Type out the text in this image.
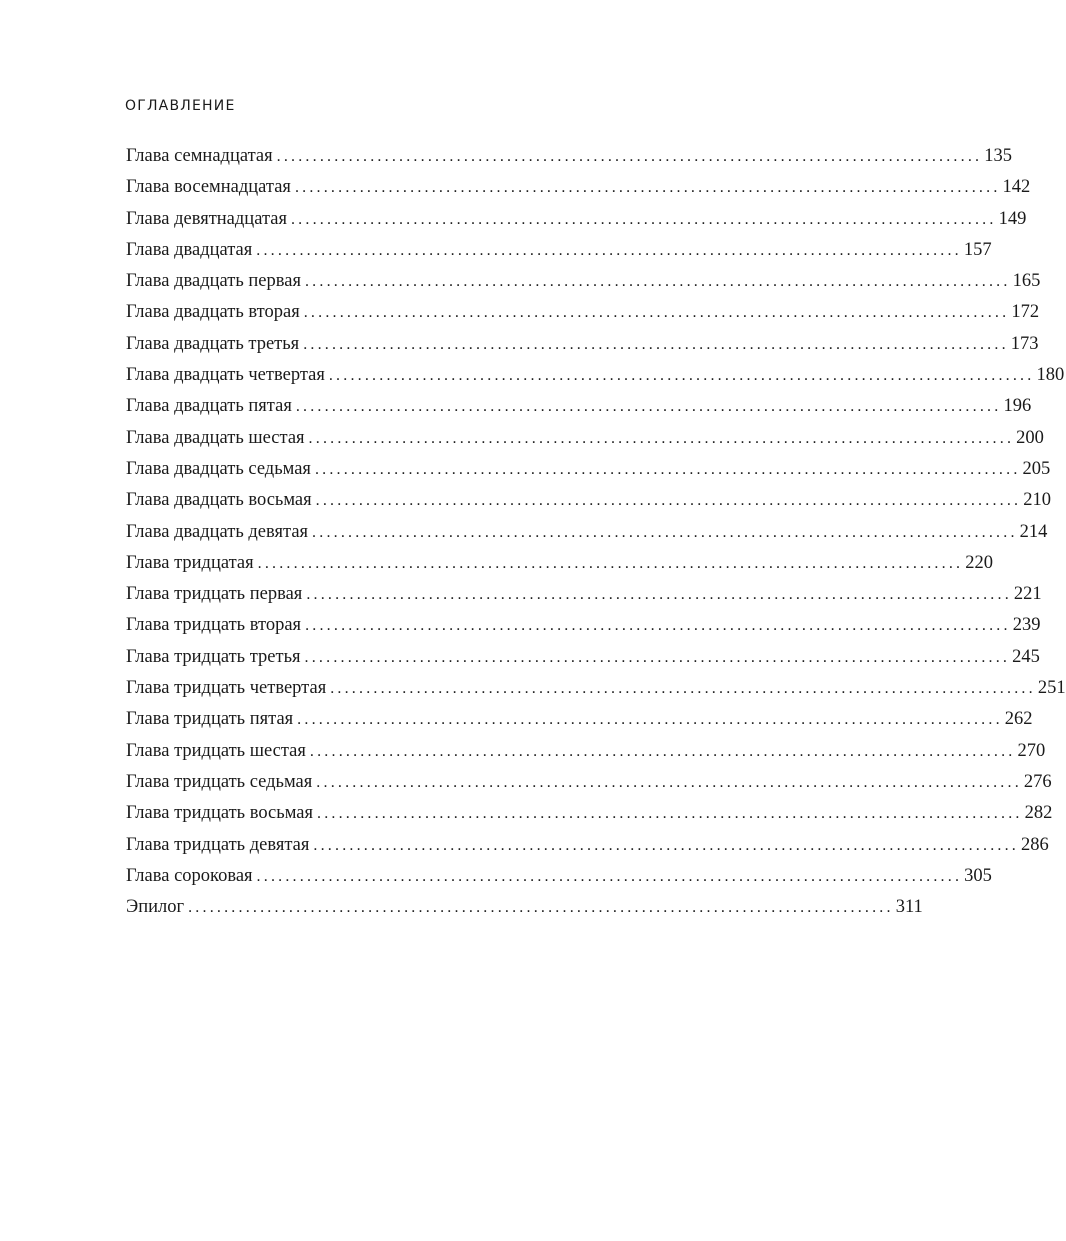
ОГЛАВЛЕНИЕ
Глава семнадцатая .................................................................................................. 135
Глава восемнадцатая .................................................................................................. 142
Глава девятнадцатая .................................................................................................. 149
Глава двадцатая .................................................................................................. 157
Глава двадцать первая .................................................................................................. 165
Глава двадцать вторая .................................................................................................. 172
Глава двадцать третья .................................................................................................. 173
Глава двадцать четвертая .................................................................................................. 180
Глава двадцать пятая .................................................................................................. 196
Глава двадцать шестая .................................................................................................. 200
Глава двадцать седьмая .................................................................................................. 205
Глава двадцать восьмая .................................................................................................. 210
Глава двадцать девятая .................................................................................................. 214
Глава тридцатая .................................................................................................. 220
Глава тридцать первая .................................................................................................. 221
Глава тридцать вторая .................................................................................................. 239
Глава тридцать третья .................................................................................................. 245
Глава тридцать четвертая .................................................................................................. 251
Глава тридцать пятая .................................................................................................. 262
Глава тридцать шестая .................................................................................................. 270
Глава тридцать седьмая .................................................................................................. 276
Глава тридцать восьмая .................................................................................................. 282
Глава тридцать девятая .................................................................................................. 286
Глава сороковая .................................................................................................. 305
Эпилог .................................................................................................. 311
